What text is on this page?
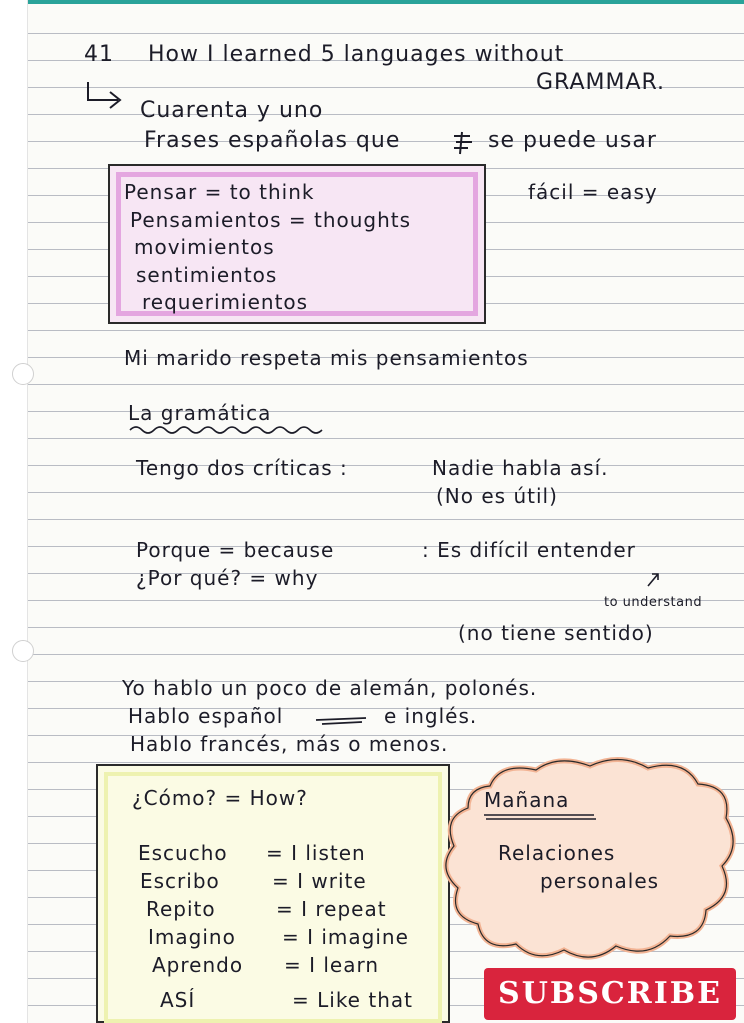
41 How I learned 5 languages without
GRAMMAR.
Cuarenta y uno
Frases españolas que	se puede usar
Pensar = to think
Pensamientos = thoughts
movimientos
sentimientos
requerimientos
fácil = easy
Mi marido respeta mis pensamientos
La gramática
Tengo dos críticas :	Nadie habla así.
(No es útil)
Porque = because
¿Por qué? = why
: Es difícil entender
to understand
(no tiene sentido)
Yo hablo un poco de alemán, polonés.
Hablo español	e inglés.
Hablo francés, más o menos.
¿Cómo? = How?
Escucho = I listen
Escribo	= I write
Repito	= I repeat
Imagino = I imagine
Aprendo = I learn
ASÍ	= Like that
Mañana
Relaciones
personales
SUBSCRIBE
